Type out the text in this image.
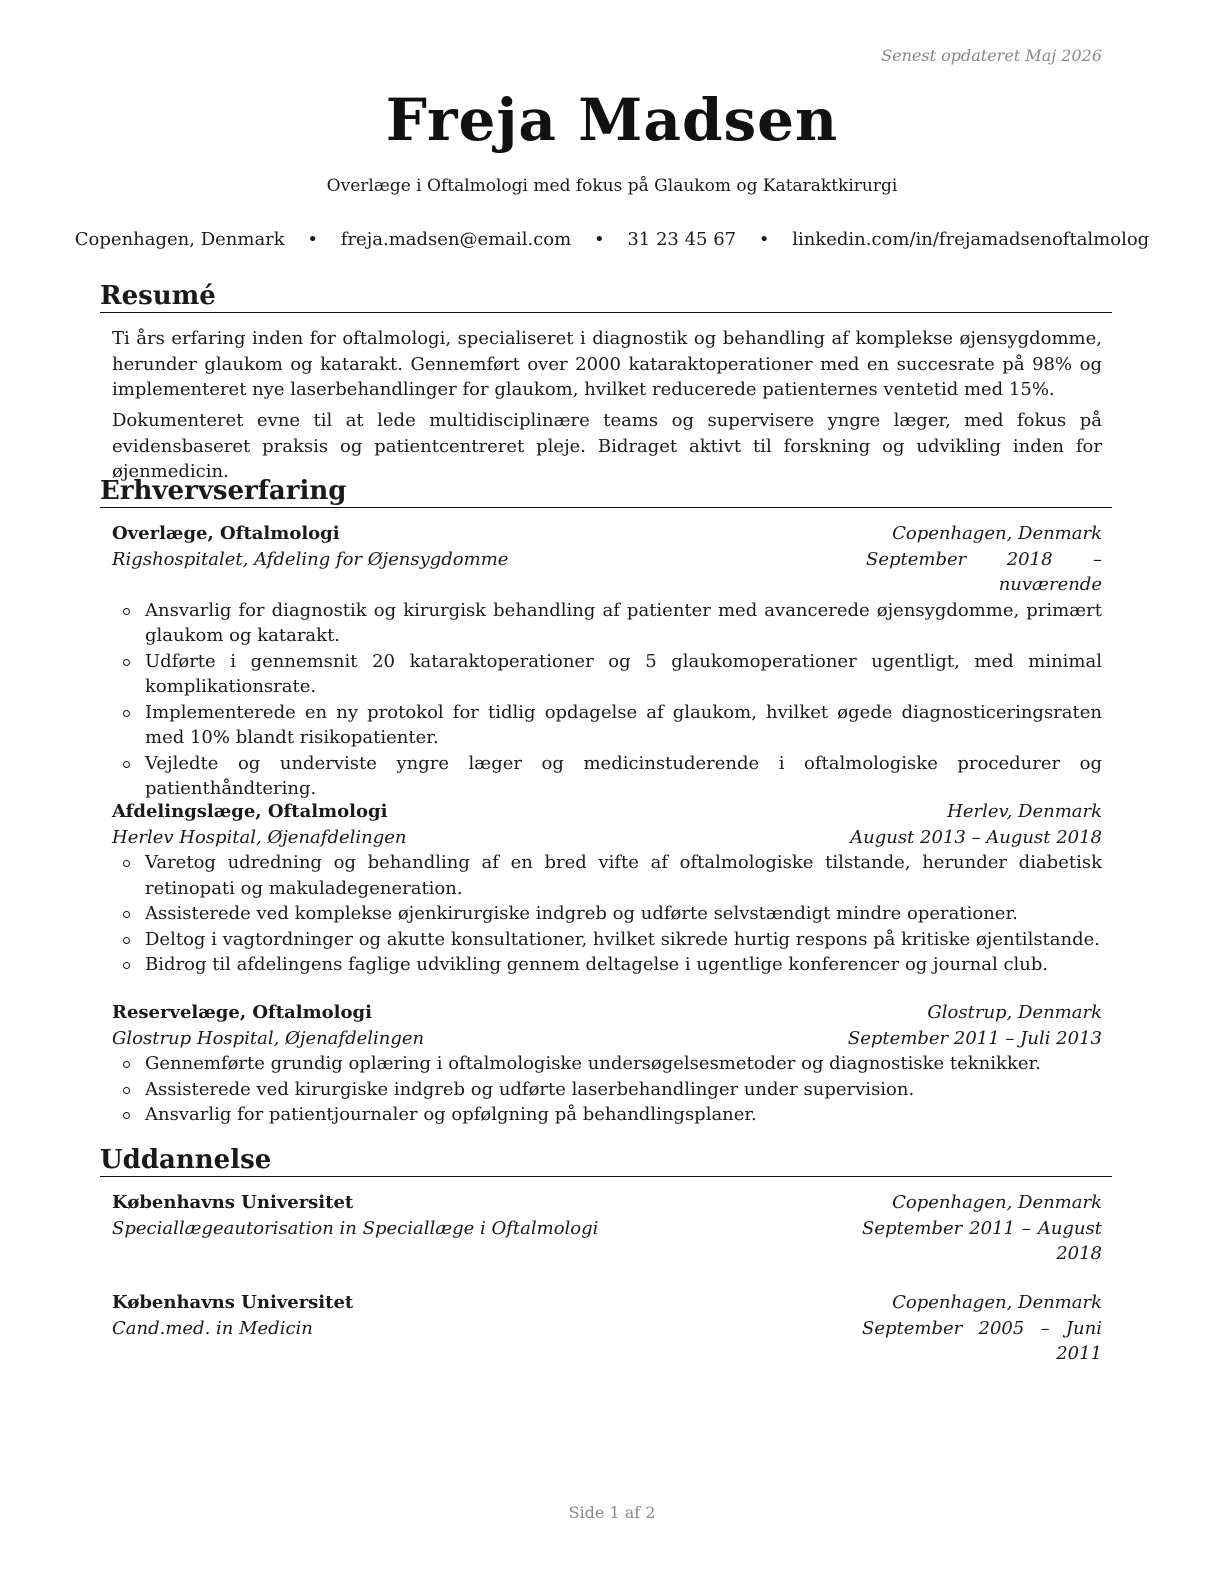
Senest opdateret Maj 2026
Freja Madsen
Overlæge i Oftalmologi med fokus på Glaukom og Kataraktkirurgi
Copenhagen, Denmark • freja.madsen@email.com • 31 23 45 67 • linkedin.com/in/frejamadsenoftalmolog
Resumé
Ti års erfaring inden for oftalmologi, specialiseret i diagnostik og behandling af komplekse øjensygdomme, herunder glaukom og katarakt. Gennemført over 2000 kataraktoperationer med en succesrate på 98% og implementeret nye laserbehandlinger for glaukom, hvilket reducerede patienternes ventetid med 15%.
Dokumenteret evne til at lede multidisciplinære teams og supervisere yngre læger, med fokus på evidensbaseret praksis og patientcentreret pleje. Bidraget aktivt til forskning og udvikling inden for øjenmedicin.
Erhvervserfaring
Overlæge, Oftalmologi	Copenhagen, Denmark
Rigshospitalet, Afdeling for Øjensygdomme	September 2018 – nuværende
Ansvarlig for diagnostik og kirurgisk behandling af patienter med avancerede øjensygdomme, primært glaukom og katarakt.
Udførte i gennemsnit 20 kataraktoperationer og 5 glaukomoperationer ugentligt, med minimal komplikationsrate.
Implementerede en ny protokol for tidlig opdagelse af glaukom, hvilket øgede diagnosticeringsraten med 10% blandt risikopatienter.
Vejledte og underviste yngre læger og medicinstuderende i oftalmologiske procedurer og patienthåndtering.
Afdelingslæge, Oftalmologi	Herlev, Denmark
Herlev Hospital, Øjenafdelingen	August 2013 – August 2018
Varetog udredning og behandling af en bred vifte af oftalmologiske tilstande, herunder diabetisk retinopati og makuladegeneration.
Assisterede ved komplekse øjenkirurgiske indgreb og udførte selvstændigt mindre operationer.
Deltog i vagtordninger og akutte konsultationer, hvilket sikrede hurtig respons på kritiske øjentilstande.
Bidrog til afdelingens faglige udvikling gennem deltagelse i ugentlige konferencer og journal club.
Reservelæge, Oftalmologi	Glostrup, Denmark
Glostrup Hospital, Øjenafdelingen	September 2011 – Juli 2013
Gennemførte grundig oplæring i oftalmologiske undersøgelsesmetoder og diagnostiske teknikker.
Assisterede ved kirurgiske indgreb og udførte laserbehandlinger under supervision.
Ansvarlig for patientjournaler og opfølgning på behandlingsplaner.
Uddannelse
Københavns Universitet	Copenhagen, Denmark
Speciallægeautorisation in Speciallæge i Oftalmologi	September 2011 – August 2018
Københavns Universitet	Copenhagen, Denmark
Cand.med. in Medicin	September 2005 – Juni 2011
Side 1 af 2
